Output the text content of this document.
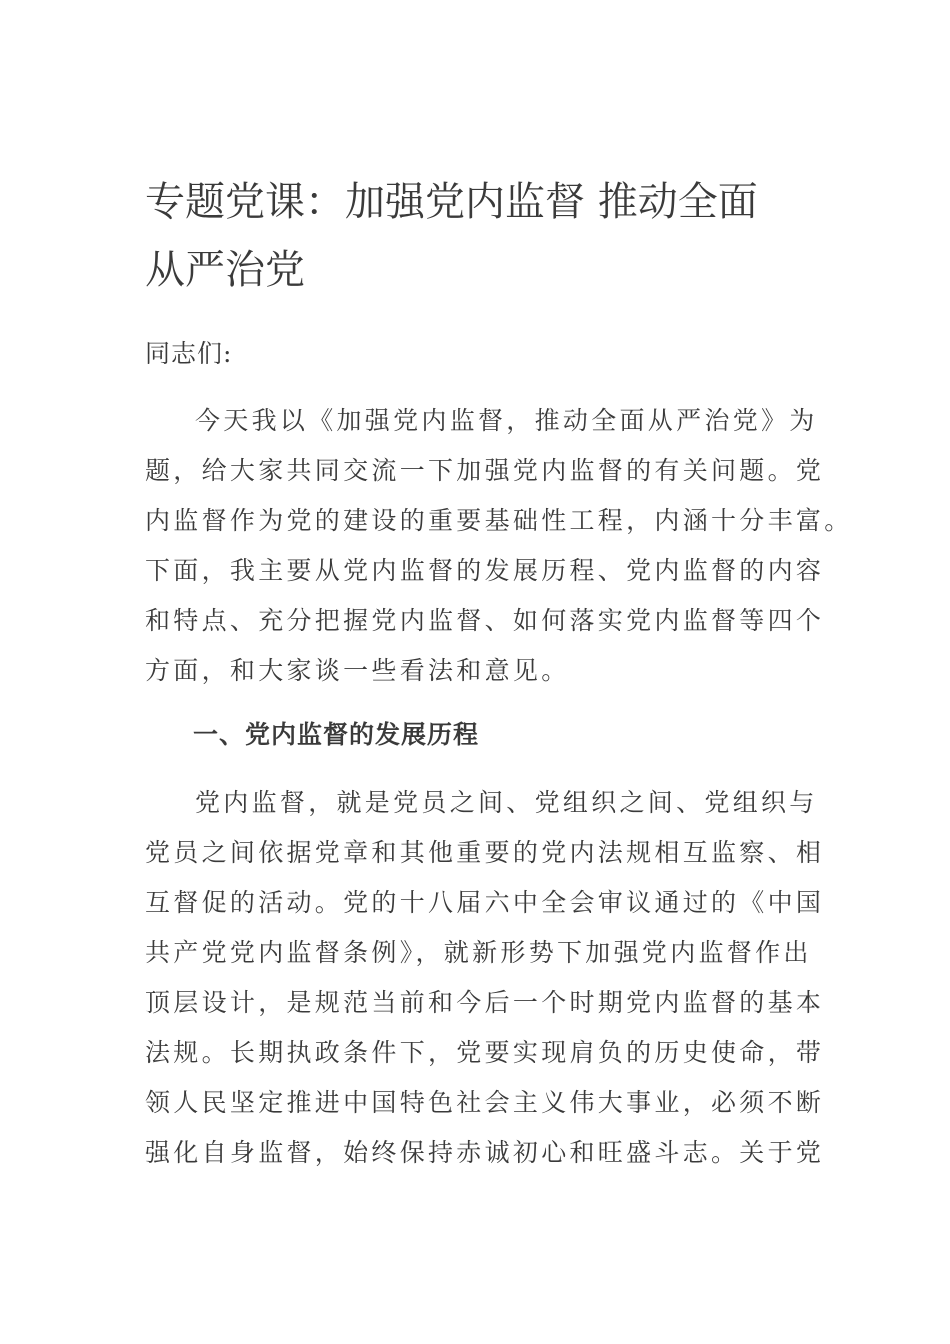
专题党课：加强党内监督 推动全面
从严治党

同志们:

今天我以《加强党内监督，推动全面从严治党》为
题，给大家共同交流一下加强党内监督的有关问题。党
内监督作为党的建设的重要基础性工程，内涵十分丰富。
下面，我主要从党内监督的发展历程、党内监督的内容
和特点、充分把握党内监督、如何落实党内监督等四个
方面，和大家谈一些看法和意见。
一、党内监督的发展历程
党内监督，就是党员之间、党组织之间、党组织与
党员之间依据党章和其他重要的党内法规相互监察、相
互督促的活动。党的十八届六中全会审议通过的《中国
共产党党内监督条例》，就新形势下加强党内监督作出
顶层设计，是规范当前和今后一个时期党内监督的基本
法规。长期执政条件下，党要实现肩负的历史使命，带
领人民坚定推进中国特色社会主义伟大事业，必须不断
强化自身监督，始终保持赤诚初心和旺盛斗志。关于党
